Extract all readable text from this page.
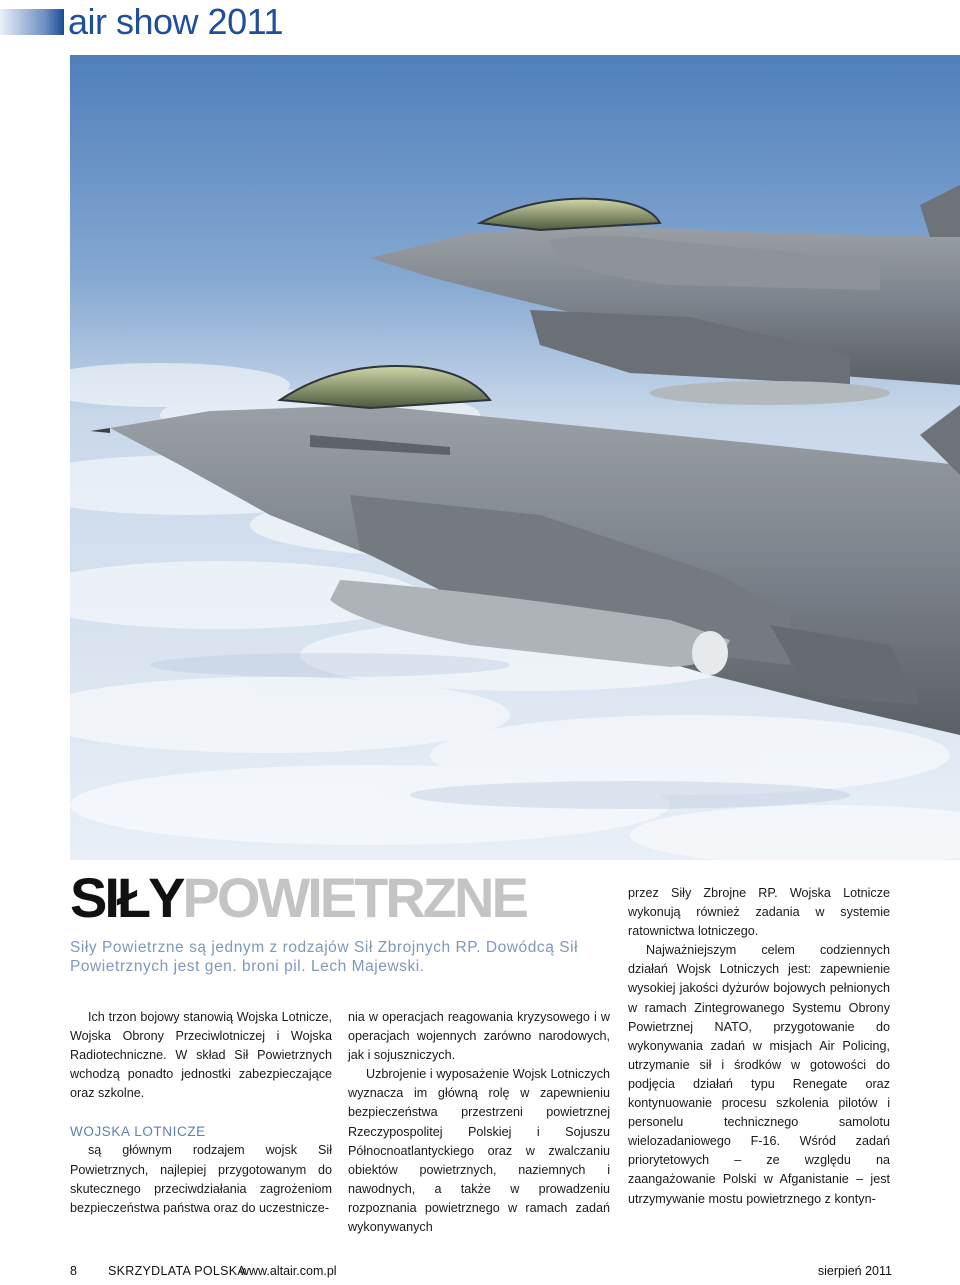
air show 2011
SIŁYPOWIETRZNE
Siły Powietrzne są jednym z rodzajów Sił Zbrojnych RP. Dowódcą Sił Powietrznych jest gen. broni pil. Lech Majewski.

Ich trzon bojowy stanowią Wojska Lotnicze, Wojska Obrony Przeciwlotniczej i Wojska Radiotechniczne. W skład Sił Powietrznych wchodzą ponadto jednostki zabezpieczające oraz szkolne.

WOJSKA LOTNICZE

są głównym rodzajem wojsk Sił Powietrznych, najlepiej przygotowanym do skutecznego przeciwdziałania zagrożeniom bezpieczeństwa państwa oraz do uczestnicze-

nia w operacjach reagowania kryzysowego i w operacjach wojennych zarówno narodowych, jak i sojuszniczych.

Uzbrojenie i wyposażenie Wojsk Lotniczych wyznacza im główną rolę w zapewnieniu bezpieczeństwa przestrzeni powietrznej Rzeczypospolitej Polskiej i Sojuszu Północnoatlantyckiego oraz w zwalczaniu obiektów powietrznych, naziemnych i nawodnych, a także w prowadzeniu rozpoznania powietrznego w ramach zadań wykonywanych

przez Siły Zbrojne RP. Wojska Lotnicze wykonują również zadania w systemie ratownictwa lotniczego.

Najważniejszym celem codziennych działań Wojsk Lotniczych jest: zapewnienie wysokiej jakości dyżurów bojowych pełnionych w ramach Zintegrowanego Systemu Obrony Powietrznej NATO, przygotowanie do wykonywania zadań w misjach Air Policing, utrzymanie sił i środków w gotowości do podjęcia działań typu Renegate oraz kontynuowanie procesu szkolenia pilotów i personelu technicznego samolotu wielozadaniowego F-16. Wśród zadań priorytetowych – ze względu na zaangażowanie Polski w Afganistanie – jest utrzymywanie mostu powietrznego z kontyn-

8 SKRZYDLATA POLSKA
www.altair.com.pl	sierpień 2011
